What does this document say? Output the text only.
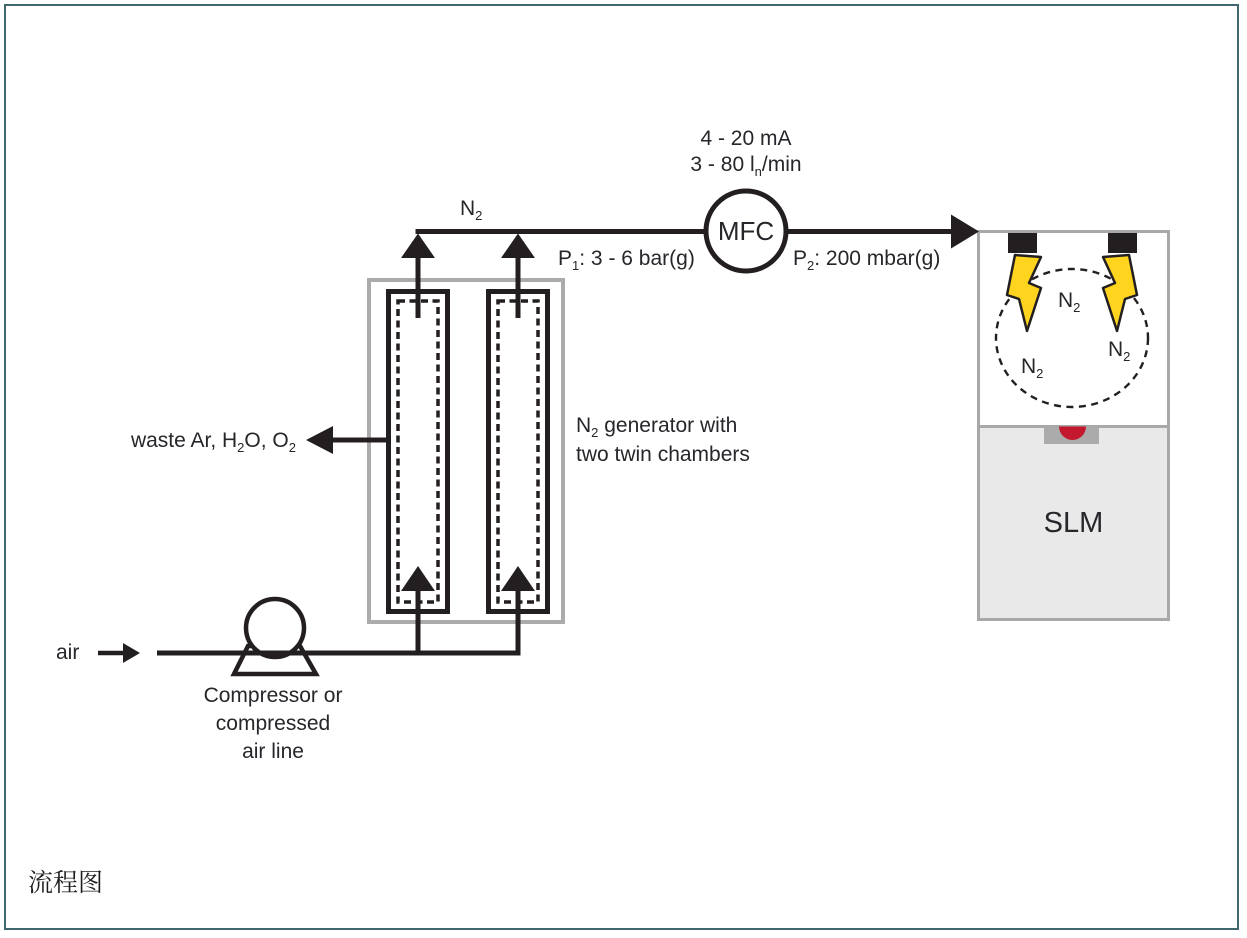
air
Compressor or
compressed
air line
waste Ar, $H_2O$, $O_2$
$N_2$
$N_2$ generator with
two twin chambers
4 - 20 mA
3 - 80 $l_n/\min$
MFC
$P_1$: 3 - 6 bar(g)	$P_2$: 200 mbar(g)
$N_2$
$N_2$
$N_2$
SLM
流程图
